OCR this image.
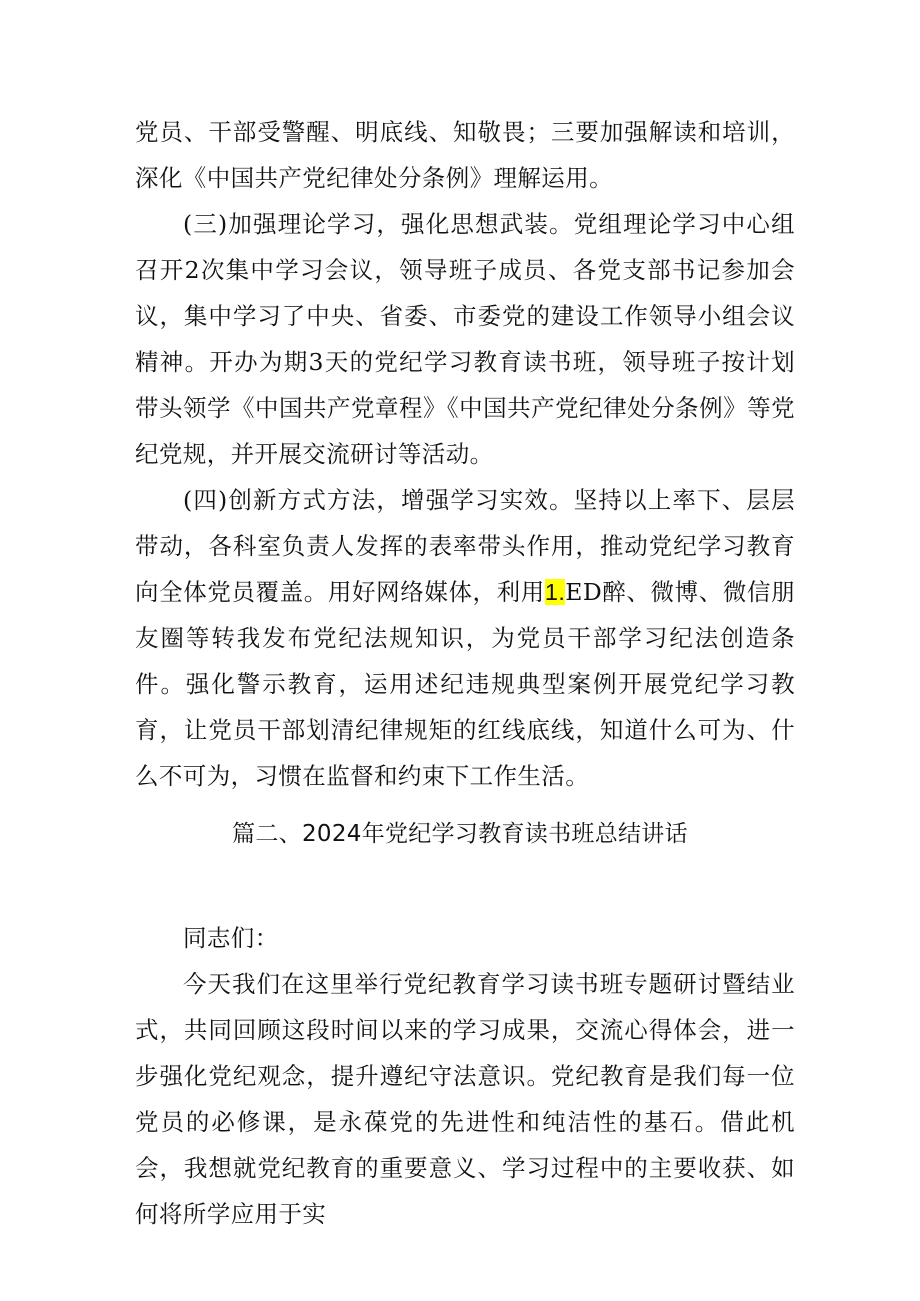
党员、干部受警醒、明底线、知敬畏；三要加强解读和培训，深化《中国共产党纪律处分条例》理解运用。

(三)加强理论学习，强化思想武装。党组理论学习中心组召开2次集中学习会议，领导班子成员、各党支部书记参加会议，集中学习了中央、省委、市委党的建设工作领导小组会议精神。开办为期3天的党纪学习教育读书班，领导班子按计划带头领学《中国共产党章程》《中国共产党纪律处分条例》等党纪党规，并开展交流研讨等活动。

(四)创新方式方法，增强学习实效。坚持以上率下、层层带动，各科室负责人发挥的表率带头作用，推动党纪学习教育向全体党员覆盖。用好网络媒体，利用1.ED醉、微博、微信朋友圈等转我发布党纪法规知识，为党员干部学习纪法创造条件。强化警示教育，运用述纪违规典型案例开展党纪学习教育，让党员干部划清纪律规矩的红线底线，知道什么可为、什么不可为，习惯在监督和约束下工作生活。

篇二、2024年党纪学习教育读书班总结讲话

同志们：

今天我们在这里举行党纪教育学习读书班专题研讨暨结业式，共同回顾这段时间以来的学习成果，交流心得体会，进一步强化党纪观念，提升遵纪守法意识。党纪教育是我们每一位党员的必修课，是永葆党的先进性和纯洁性的基石。借此机会，我想就党纪教育的重要意义、学习过程中的主要收获、如何将所学应用于实
